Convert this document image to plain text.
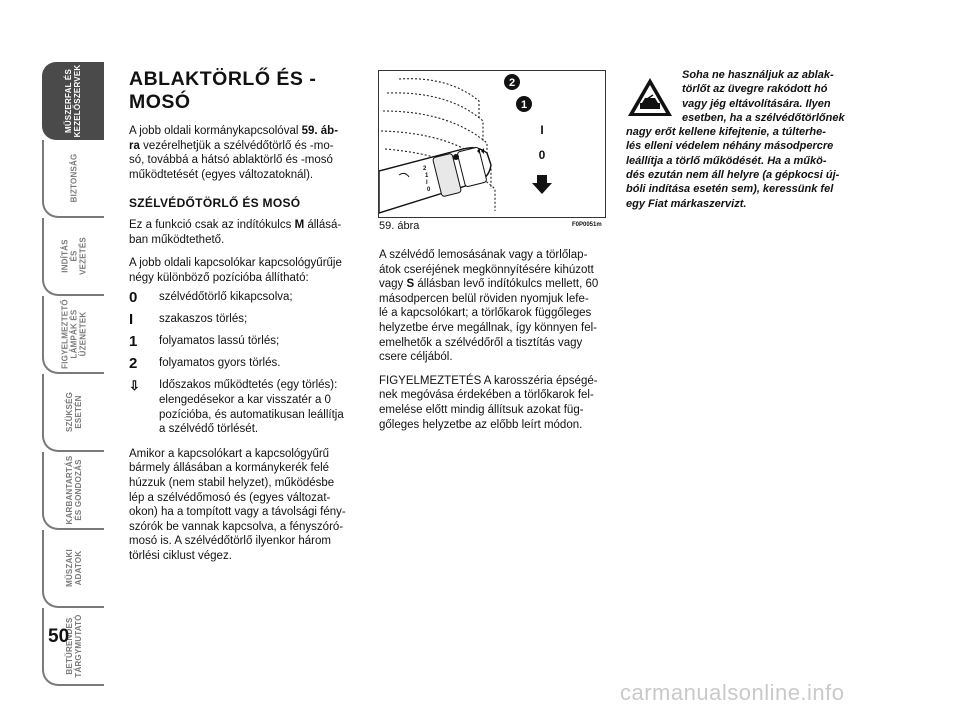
MŰSZERFAL ÉS
KEZELŐSZERVEK
BIZTONSÁG
INDÍTÁS ÉS
VEZETÉS
FIGYELMEZTETŐ
LÁMPÁK ÉS
ÜZENETEK
SZÜKSÉG
ESETÉN
KARBANTARTÁS
ÉS GONDOZÁS
MŰSZAKI
ADATOK
BETŰRENDES
TÁRGYMUTATÓ
50
ABLAKTÖRLŐ ÉS -
MOSÓ
A jobb oldali kormánykapcsolóval 59. áb-
ra vezérelhetjük a szélvédőtörlő és -mo-
só, továbbá a hátsó ablaktörlő és -mosó
működtetését (egyes változatoknál).
SZÉLVÉDŐTÖRLŐ ÉS MOSÓ
Ez a funkció csak az indítókulcs M állásá-
ban működtethető.
A jobb oldali kapcsolókar kapcsológyűrűje
négy különböző pozícióba állítható:
0	szélvédőtörlő kikapcsolva;
I	szakaszos törlés;
1	folyamatos lassú törlés;
2	folyamatos gyors törlés.
⇩	Időszakos működtetés (egy törlés):
elengedésekor a kar visszatér a 0
pozícióba, és automatikusan leállítja
a szélvédő törlését.
Amikor a kapcsolókart a kapcsológyűrű
bármely állásában a kormánykerék felé
húzzuk (nem stabil helyzet), működésbe
lép a szélvédőmosó és (egyes változat-
okon) ha a tompított vagy a távolsági fény-
szórók be vannak kapcsolva, a fényszóró-
mosó is. A szélvédőtörlő ilyenkor három
törlési ciklust végez.
2
1
I
0
2
1
I
0
59. ábra	F0P0051m
A szélvédő lemosásának vagy a törlőlap-
átok cseréjének megkönnyítésére kihúzott
vagy S állásban levő indítókulcs mellett, 60
másodpercen belül röviden nyomjuk lefe-
lé a kapcsolókart; a törlőkarok függőleges
helyzetbe érve megállnak, így könnyen fel-
emelhetők a szélvédőről a tisztítás vagy
csere céljából.
FIGYELMEZTETÉS A karosszéria épségé-
nek megóvása érdekében a törlőkarok fel-
emelése előtt mindig állítsuk azokat füg-
gőleges helyzetbe az előbb leírt módon.
Soha ne használjuk az ablak-
törlőt az üvegre rakódott hó
vagy jég eltávolítására. Ilyen
esetben, ha a szélvédőtörlőnek
nagy erőt kellene kifejtenie, a túlterhe-
lés elleni védelem néhány másodpercre
leállítja a törlő működését. Ha a műkö-
dés ezután nem áll helyre (a gépkocsi új-
bóli indítása esetén sem), keressünk fel
egy Fiat márkaszervizt.
carmanualsonline.info
